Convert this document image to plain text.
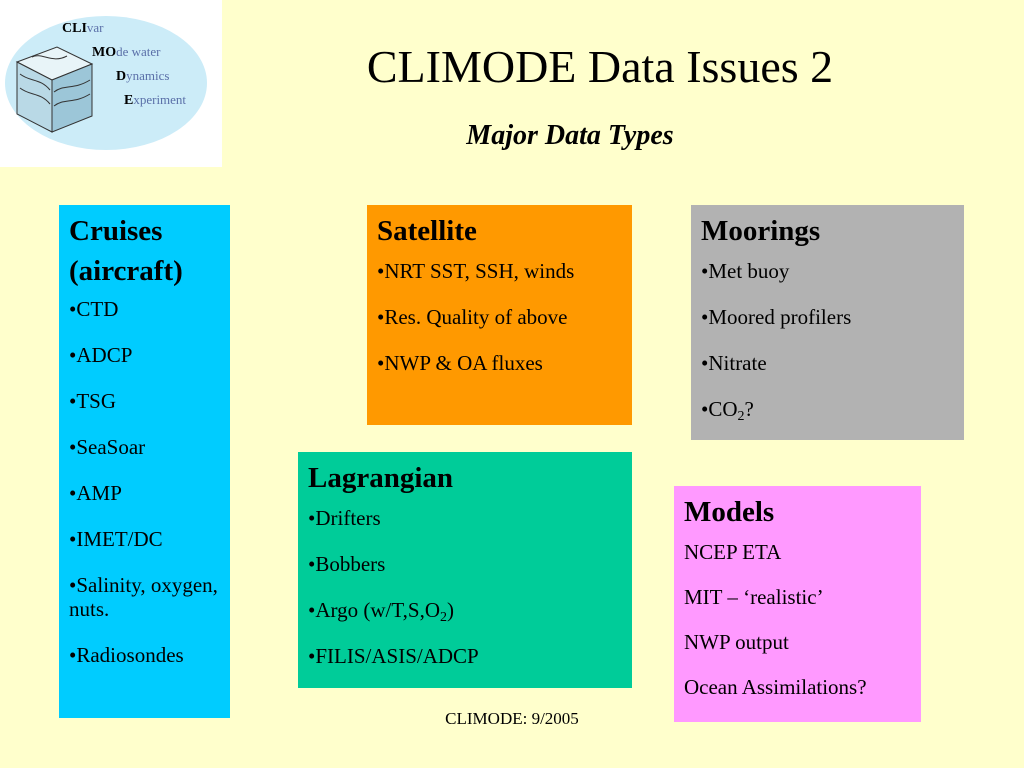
CLIvar
MOde water
Dynamics
Experiment
CLIMODE Data Issues 2
Major Data Types
Cruises
(aircraft)
• CTD
• ADCP
• TSG
• SeaSoar
• AMP
• IMET/DC
• Salinity, oxygen, nuts.
• Radiosondes
Satellite
• NRT SST, SSH, winds
• Res. Quality of above
• NWP & OA fluxes
Moorings
• Met buoy
• Moored profilers
• Nitrate
• $CO_2$?
Lagrangian
• Drifters
• Bobbers
• Argo $(w/T,S,O_2)$
• FILIS/ASIS/ADCP
Models
NCEP ETA
MIT – ‘realistic’
NWP output
Ocean Assimilations?
CLIMODE: 9/2005
